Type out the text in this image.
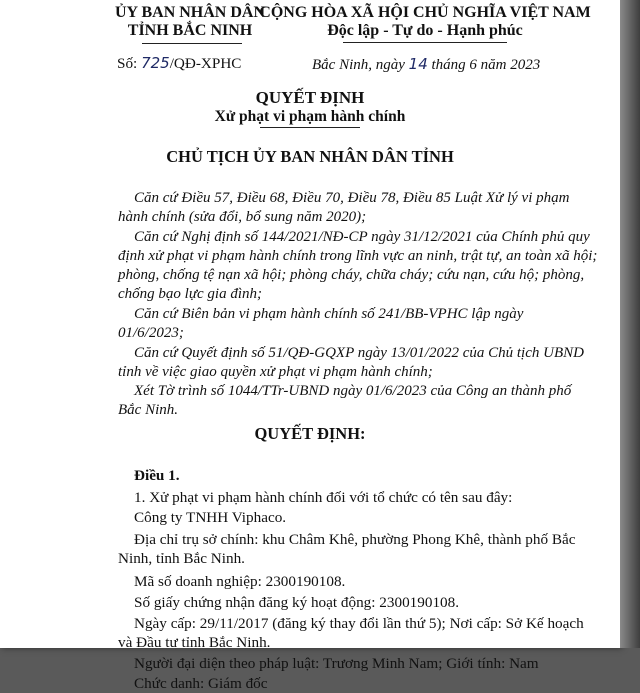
ỦY BAN NHÂN DÂN
TỈNH BẮC NINH
CỘNG HÒA XÃ HỘI CHỦ NGHĨA VIỆT NAM
Độc lập - Tự do - Hạnh phúc
Số: 725/QĐ-XPHC	Bắc Ninh, ngày 14 tháng 6 năm 2023
QUYẾT ĐỊNH
Xử phạt vi phạm hành chính
CHỦ TỊCH ỦY BAN NHÂN DÂN TỈNH
Căn cứ Điều 57, Điều 68, Điều 70, Điều 78, Điều 85 Luật Xử lý vi phạm
hành chính (sửa đổi, bổ sung năm 2020);
Căn cứ Nghị định số 144/2021/NĐ-CP ngày 31/12/2021 của Chính phủ quy
định xử phạt vi phạm hành chính trong lĩnh vực an ninh, trật tự, an toàn xã hội;
phòng, chống tệ nạn xã hội; phòng cháy, chữa cháy; cứu nạn, cứu hộ; phòng,
chống bạo lực gia đình;
Căn cứ Biên bản vi phạm hành chính số 241/BB-VPHC lập ngày
01/6/2023;
Căn cứ Quyết định số 51/QĐ-GQXP ngày 13/01/2022 của Chủ tịch UBND
tỉnh về việc giao quyền xử phạt vi phạm hành chính;
Xét Tờ trình số 1044/TTr-UBND ngày 01/6/2023 của Công an thành phố
Bắc Ninh.
QUYẾT ĐỊNH:
Điều 1.
1. Xử phạt vi phạm hành chính đối với tổ chức có tên sau đây:
Công ty TNHH Viphaco.
Địa chỉ trụ sở chính: khu Châm Khê, phường Phong Khê, thành phố Bắc
Ninh, tỉnh Bắc Ninh.
Mã số doanh nghiệp: 2300190108.
Số giấy chứng nhận đăng ký hoạt động: 2300190108.
Ngày cấp: 29/11/2017 (đăng ký thay đổi lần thứ 5); Nơi cấp: Sở Kế hoạch
và Đầu tư tỉnh Bắc Ninh.
Người đại diện theo pháp luật: Trương Minh Nam; Giới tính: Nam
Chức danh: Giám đốc
